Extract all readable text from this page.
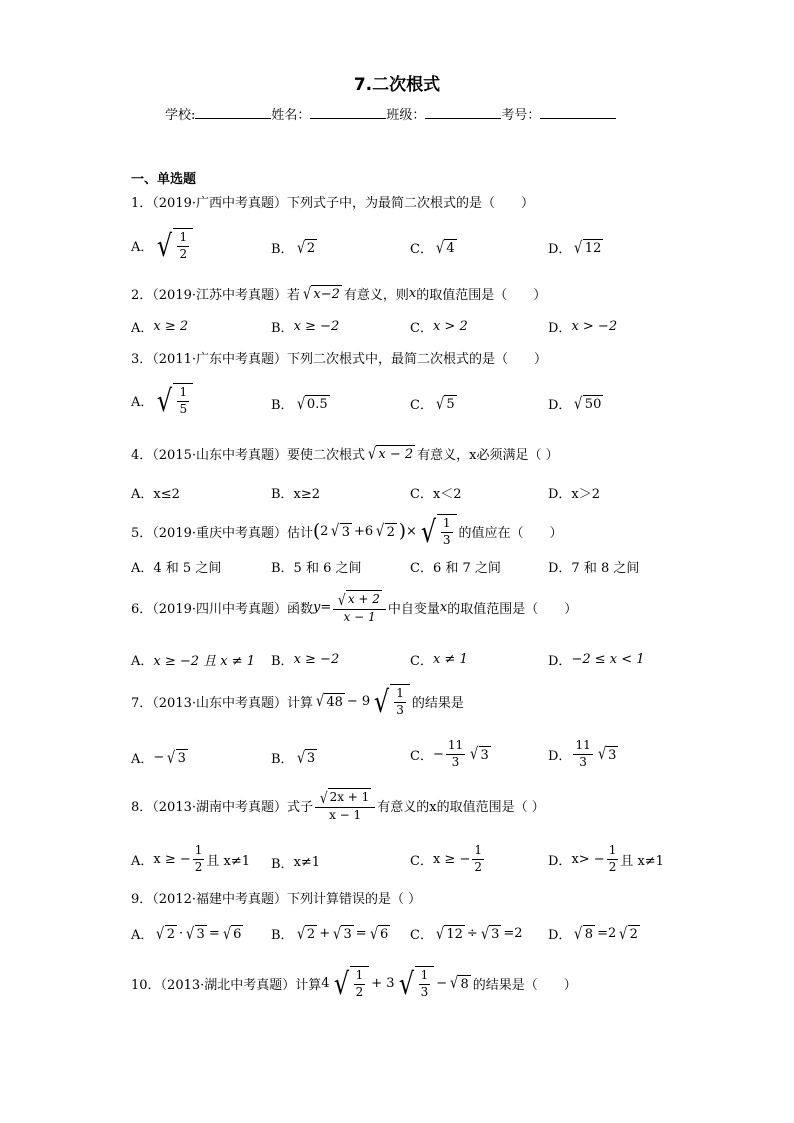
7.二次根式
学校:	姓名：	班级：	考号：
一、单选题
1．（2019·广西中考真题）下列式子中，为最简二次根式的是（　　）
A． √ $\frac{1}{2}$	B． √ 2	C． √ 4	D． √ 12
2．（2019·江苏中考真题）若 √ x−2 有意义，则 x 的取值范围是（　　）
A． x ≥ 2	B． x ≥ −2	C． x > 2	D． x > −2
3．（2011·广东中考真题）下列二次根式中，最简二次根式的是（　　）
A． √ $\frac{1}{5}$	B． √ 0.5	C． √ 5	D． √ 50
4．（2015·山东中考真题）要使二次根式 √ x − 2 有意义，x必须满足（ ）
A．x≤2	B．x≥2	C．x＜2	D．x＞2
5．（2019·重庆中考真题）估计 ( 2 √ 3 +6 √ 2 ) × √ $\frac{1}{3}$ 的值应在（　　）
A．4 和 5 之间	B．5 和 6 之间	C．6 和 7 之间	D．7 和 8 之间
6．（2019·四川中考真题）函数 $y= \frac{√ x + 2}{x - 1}$ 中自变量 x 的取值范围是（　　）
A． x ≥ −2 且 x ≠ 1 B． x ≥ −2	C． x ≠ 1	D． −2 ≤ x < 1
7．（2013·山东中考真题）计算 √ 48 − 9 √ $\frac{1}{3}$ 的结果是
A． − √ 3	B． √ 3	C． − $\frac{11}{3}$ √ 3	D． $\frac{11}{3}$ √ 3
8．（2013·湖南中考真题）式子 $\frac{√ 2x + 1}{x - 1}$ 有意义的x的取值范围是（ ）
A． x ≥ − $\frac{1}{2}$ 且 x≠1 B． x≠1	C． x ≥ − $\frac{1}{2}$	D． $x> - \frac{1}{2}$ 且 x≠1
9．（2012·福建中考真题）下列计算错误的是（ ）
A． √ 2 · √ 3 = √ 6 B． √ 2 + √ 3 = √ 6 C． √ 12 ÷ √ 3 =2 D． √ 8 =2 √ 2
10．（2013·湖北中考真题）计算 4 √ $\frac{1}{2} + 3$ √ $\frac{1}{3}$ − √ 8 的结果是（　　）
